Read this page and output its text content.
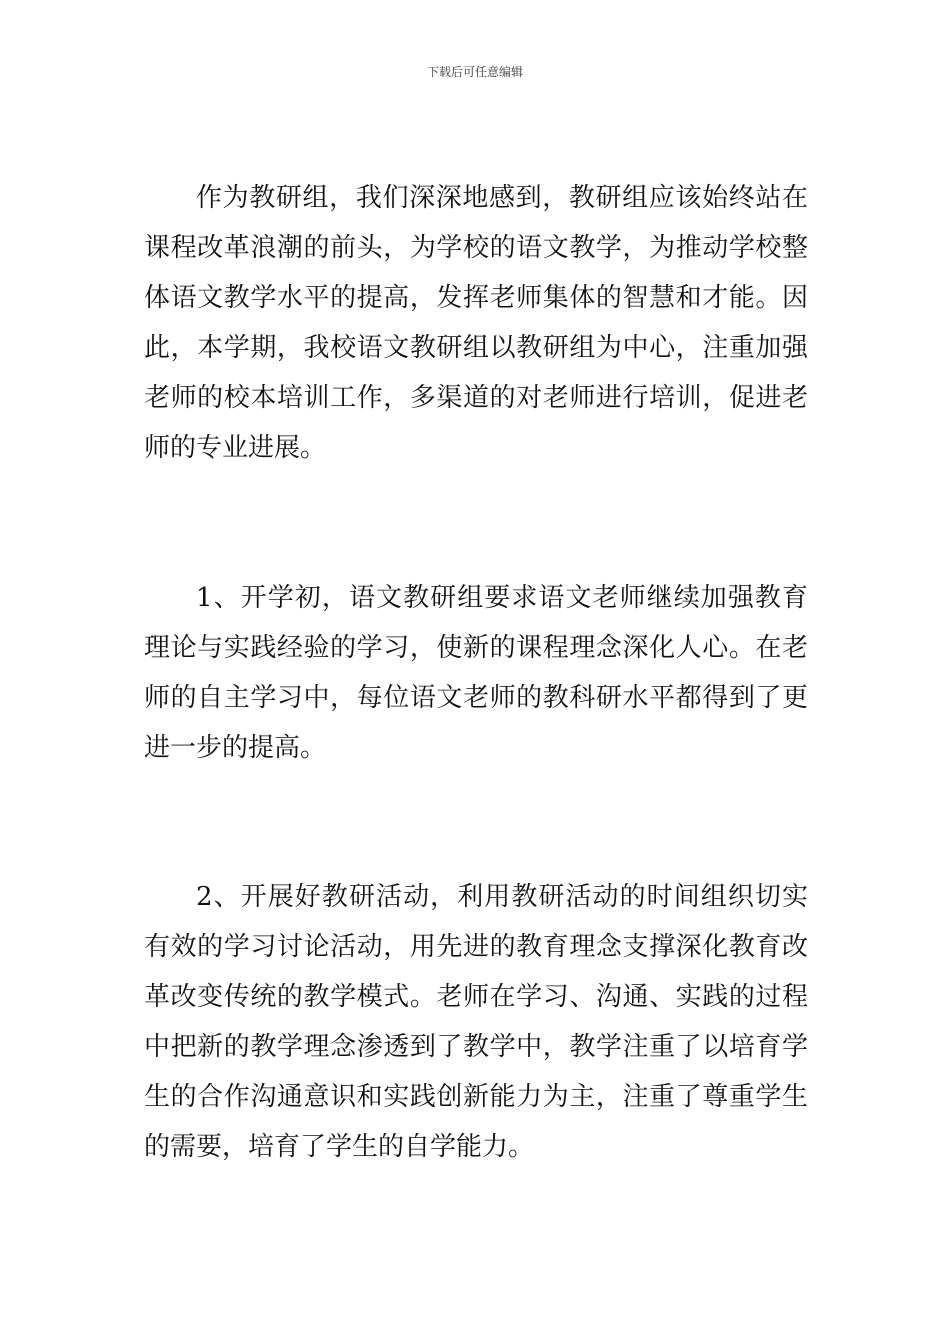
下载后可任意编辑

作为教研组，我们深深地感到，教研组应该始终站在课程改革浪潮的前头，为学校的语文教学，为推动学校整体语文教学水平的提高，发挥老师集体的智慧和才能。因此，本学期，我校语文教研组以教研组为中心，注重加强老师的校本培训工作，多渠道的对老师进行培训，促进老师的专业进展。

1、开学初，语文教研组要求语文老师继续加强教育理论与实践经验的学习，使新的课程理念深化人心。在老师的自主学习中，每位语文老师的教科研水平都得到了更进一步的提高。

2、开展好教研活动，利用教研活动的时间组织切实有效的学习讨论活动，用先进的教育理念支撑深化教育改革改变传统的教学模式。老师在学习、沟通、实践的过程中把新的教学理念渗透到了教学中，教学注重了以培育学生的合作沟通意识和实践创新能力为主，注重了尊重学生的需要，培育了学生的自学能力。
